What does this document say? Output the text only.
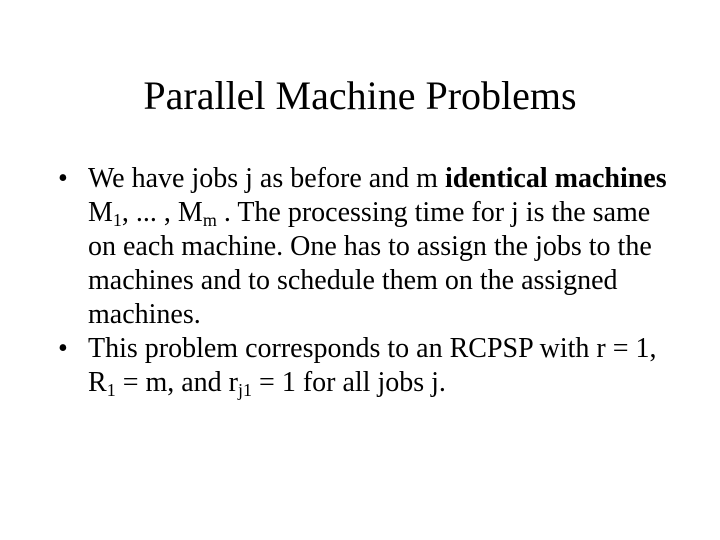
Parallel Machine Problems
• We have jobs j as before and m identical machines $M_1$, ... , $M_m$ . The processing time for j is the same on each machine. One has to assign the jobs to the machines and to schedule them on the assigned machines.
• This problem corresponds to an RCPSP with r = 1, $R_1 = m$, and $r_{j1} = 1$ for all jobs j.
